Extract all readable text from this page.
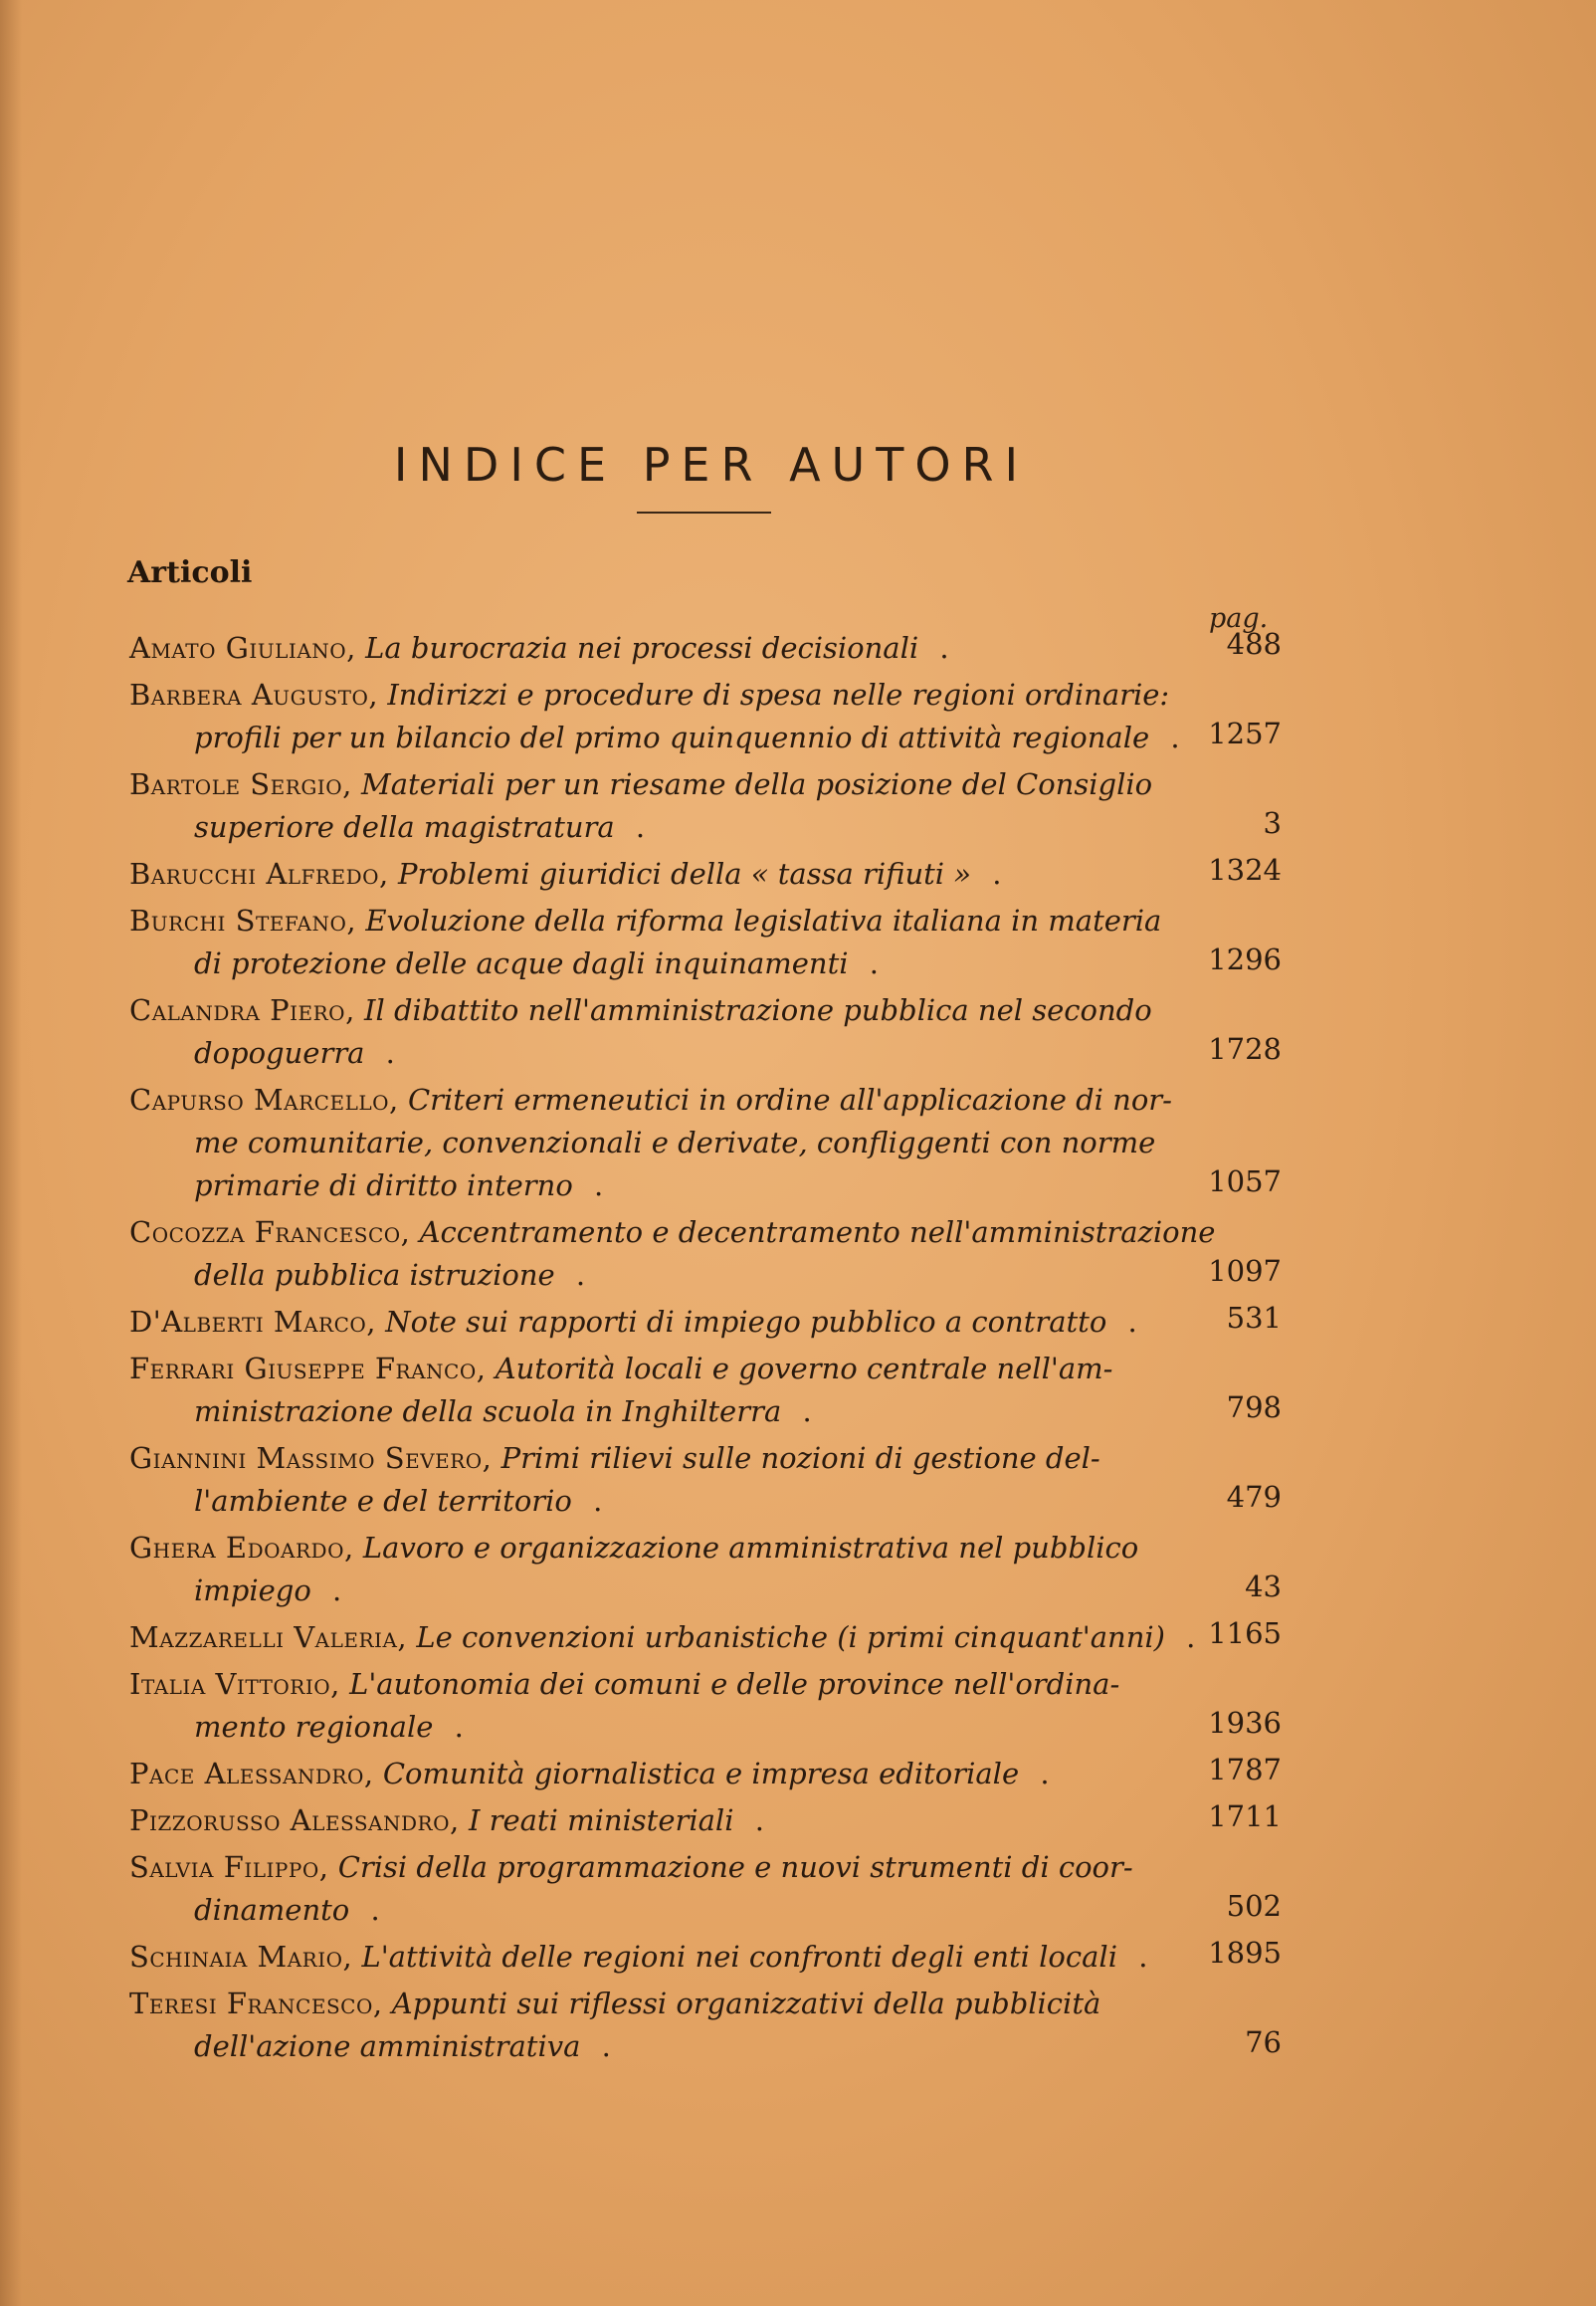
INDICE PER AUTORI
Articoli
pag.
Amato Giuliano, La burocrazia nei processi decisionali .	488
Barbera Augusto, Indirizzi e procedure di spesa nelle regioni ordinarie:
profili per un bilancio del primo quinquennio di attività regionale . 1257
Bartole Sergio, Materiali per un riesame della posizione del Consiglio
superiore della magistratura .	3
Barucchi Alfredo, Problemi giuridici della « tassa rifiuti » .	1324
Burchi Stefano, Evoluzione della riforma legislativa italiana in materia
di protezione delle acque dagli inquinamenti .	1296
Calandra Piero, Il dibattito nell'amministrazione pubblica nel secondo
dopoguerra .	1728
Capurso Marcello, Criteri ermeneutici in ordine all'applicazione di nor-
me comunitarie, convenzionali e derivate, confliggenti con norme
primarie di diritto interno .	1057
Cocozza Francesco, Accentramento e decentramento nell'amministrazione
della pubblica istruzione .	1097
D'Alberti Marco, Note sui rapporti di impiego pubblico a contratto .	531
Ferrari Giuseppe Franco, Autorità locali e governo centrale nell'am-
ministrazione della scuola in Inghilterra .	798
Giannini Massimo Severo, Primi rilievi sulle nozioni di gestione del-
l'ambiente e del territorio .	479
Ghera Edoardo, Lavoro e organizzazione amministrativa nel pubblico
impiego .	43
Mazzarelli Valeria, Le convenzioni urbanistiche (i primi cinquant'anni) . 1165
Italia Vittorio, L'autonomia dei comuni e delle province nell'ordina-
mento regionale .	1936
Pace Alessandro, Comunità giornalistica e impresa editoriale .	1787
Pizzorusso Alessandro, I reati ministeriali .	1711
Salvia Filippo, Crisi della programmazione e nuovi strumenti di coor-
dinamento .	502
Schinaia Mario, L'attività delle regioni nei confronti degli enti locali .	1895
Teresi Francesco, Appunti sui riflessi organizzativi della pubblicità
dell'azione amministrativa .	76
